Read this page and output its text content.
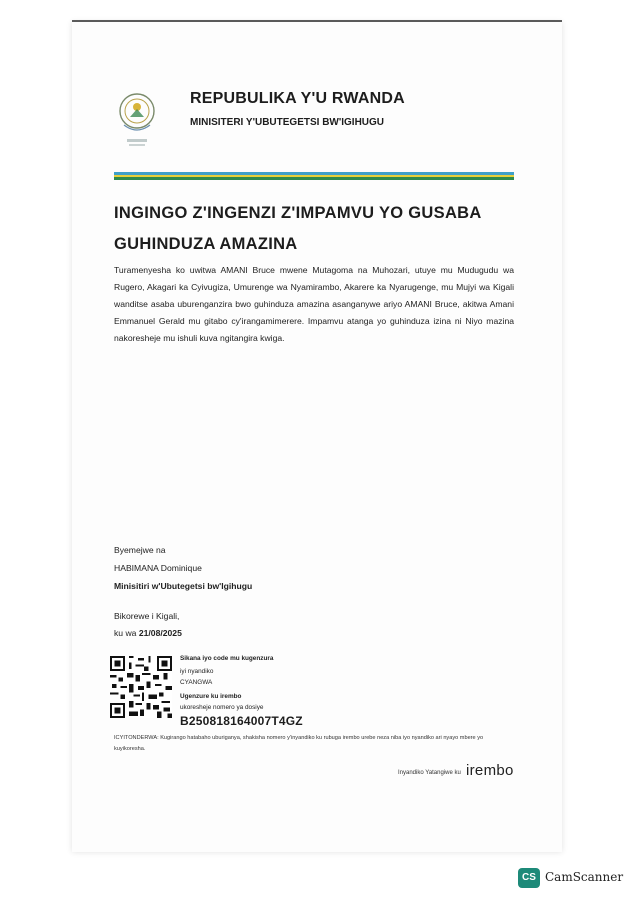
REPUBULIKA Y'U RWANDA
MINISITERI Y'UBUTEGETSI BW'IGIHUGU
INGINGO Z'INGENZI Z'IMPAMVU YO GUSABA
GUHINDUZA AMAZINA
Turamenyesha ko uwitwa AMANI Bruce mwene Mutagoma na Muhozari, utuye mu Mudugudu wa Rugero, Akagari ka Cyivugiza, Umurenge wa Nyamirambo, Akarere ka Nyarugenge, mu Mujyi wa Kigali wanditse asaba uburenganzira bwo guhinduza amazina asanganywe ariyo AMANI Bruce, akitwa Amani Emmanuel Gerald mu gitabo cy'irangamimerere. Impamvu atanga yo guhinduza izina ni Niyo mazina nakoresheje mu ishuli kuva ngitangira kwiga.
Byemejwe na
HABIMANA Dominique
Minisitiri w'Ubutegetsi bw'Igihugu
Bikorewe i Kigali,
ku wa 21/08/2025
Sikana iyo code mu kugenzura
iyi nyandiko
CYANGWA
Ugenzure ku irembo
ukoresheje nomero ya dosiye
B250818164007T4GZ
ICYITONDERWA: Kugirango hatabaho uburiganya, shakisha nomero y'inyandiko ku rubuga irembo urebe neza niba iyo nyandiko ari nyayo mbere yo kuyikoresha.
Inyandiko Yatangiwe ku irembo
CS CamScanner
